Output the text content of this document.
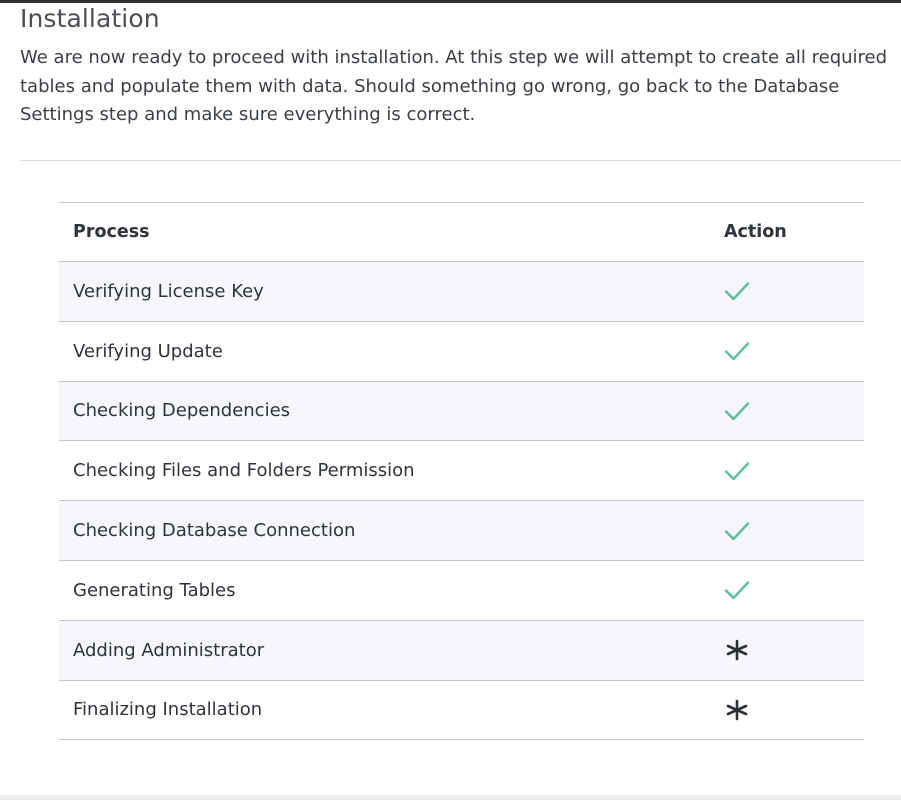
Installation

We are now ready to proceed with installation. At this step we will attempt to create all required tables and populate them with data. Should something go wrong, go back to the Database Settings step and make sure everything is correct.

Process	Action
Verifying License Key
Verifying Update
Checking Dependencies
Checking Files and Folders Permission
Checking Database Connection
Generating Tables
Adding Administrator
Finalizing Installation
